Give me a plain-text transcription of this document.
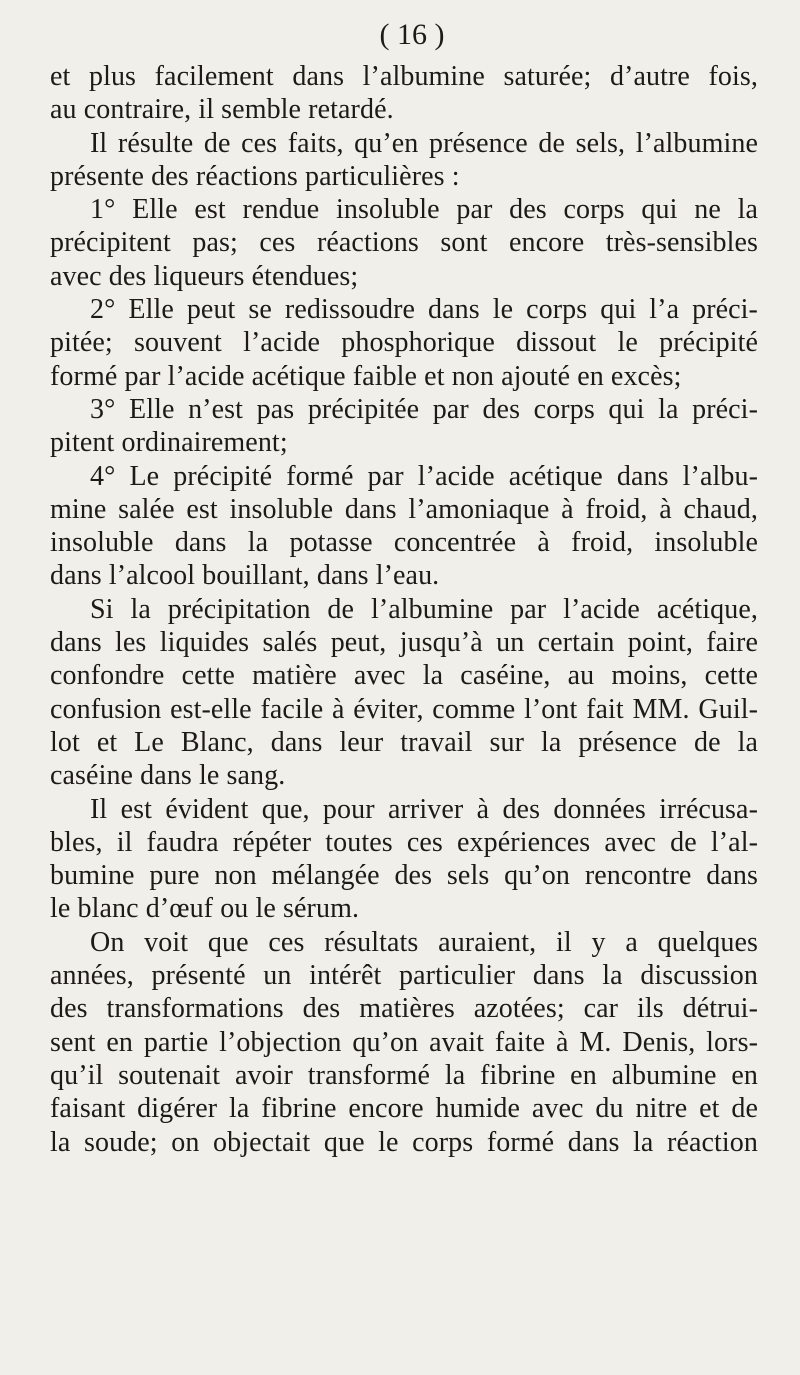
( 16 )
et plus facilement dans l’albumine saturée; d’autre fois,
au contraire, il semble retardé.
Il résulte de ces faits, qu’en présence de sels, l’albumine
présente des réactions particulières :
1° Elle est rendue insoluble par des corps qui ne la
précipitent pas; ces réactions sont encore très-sensibles
avec des liqueurs étendues;
2° Elle peut se redissoudre dans le corps qui l’a préci-
pitée; souvent l’acide phosphorique dissout le précipité
formé par l’acide acétique faible et non ajouté en excès;
3° Elle n’est pas précipitée par des corps qui la préci-
pitent ordinairement;
4° Le précipité formé par l’acide acétique dans l’albu-
mine salée est insoluble dans l’amoniaque à froid, à chaud,
insoluble dans la potasse concentrée à froid, insoluble
dans l’alcool bouillant, dans l’eau.
Si la précipitation de l’albumine par l’acide acétique,
dans les liquides salés peut, jusqu’à un certain point, faire
confondre cette matière avec la caséine, au moins, cette
confusion est-elle facile à éviter, comme l’ont fait MM. Guil-
lot et Le Blanc, dans leur travail sur la présence de la
caséine dans le sang.
Il est évident que, pour arriver à des données irrécusa-
bles, il faudra répéter toutes ces expériences avec de l’al-
bumine pure non mélangée des sels qu’on rencontre dans
le blanc d’œuf ou le sérum.
On voit que ces résultats auraient, il y a quelques
années, présenté un intérêt particulier dans la discussion
des transformations des matières azotées; car ils détrui-
sent en partie l’objection qu’on avait faite à M. Denis, lors-
qu’il soutenait avoir transformé la fibrine en albumine en
faisant digérer la fibrine encore humide avec du nitre et de
la soude; on objectait que le corps formé dans la réaction
